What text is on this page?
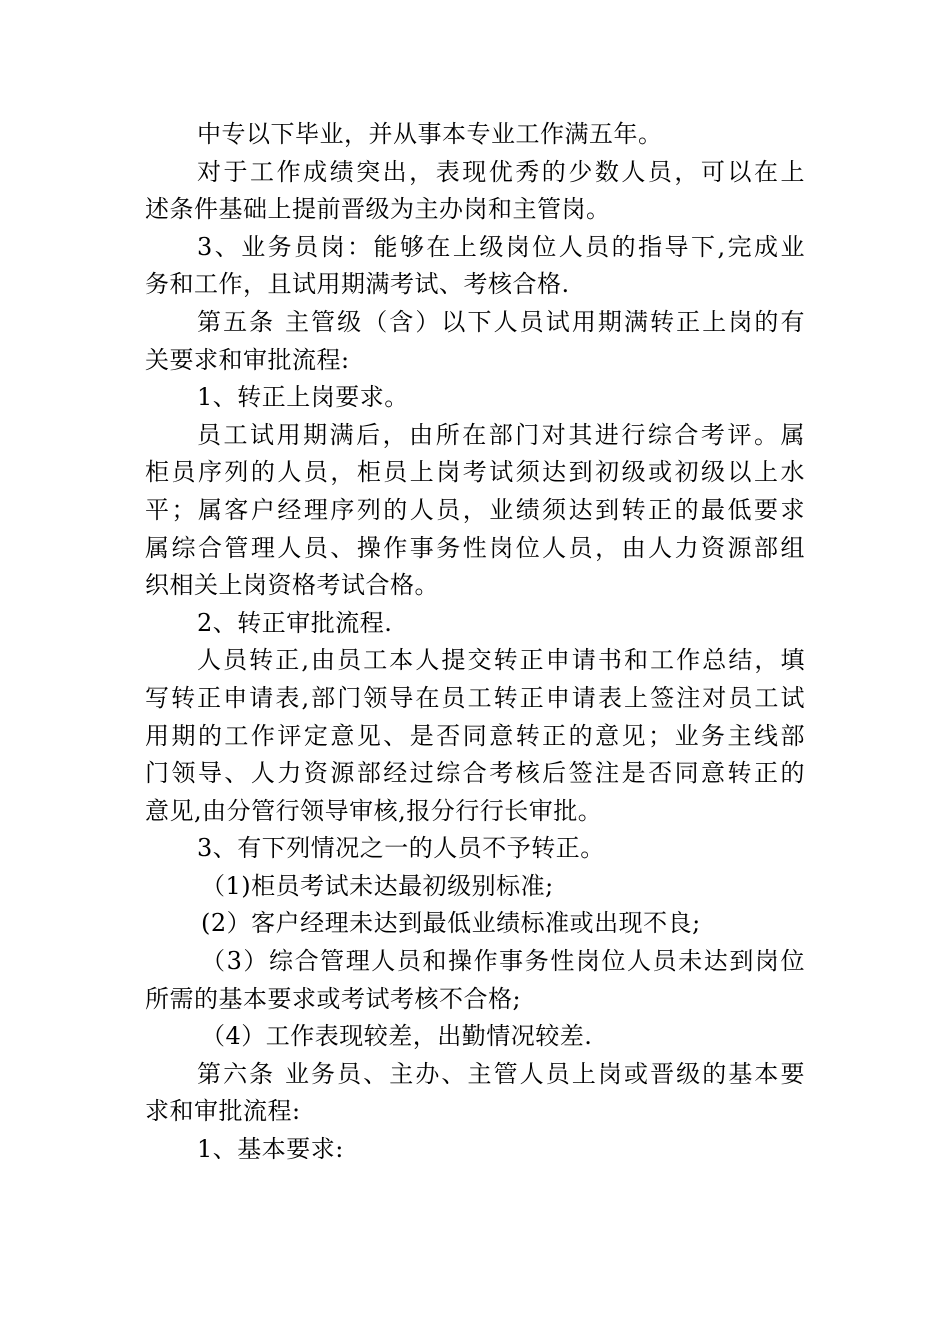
中专以下毕业，并从事本专业工作满五年。
对于工作成绩突出，表现优秀的少数人员，可以在上
述条件基础上提前晋级为主办岗和主管岗。
3、业务员岗：能够在上级岗位人员的指导下,完成业
务和工作，且试用期满考试、考核合格.
第五条 主管级（含）以下人员试用期满转正上岗的有
关要求和审批流程:
1、转正上岗要求。
员工试用期满后，由所在部门对其进行综合考评。属
柜员序列的人员，柜员上岗考试须达到初级或初级以上水
平；属客户经理序列的人员，业绩须达到转正的最低要求
属综合管理人员、操作事务性岗位人员，由人力资源部组
织相关上岗资格考试合格。
2、转正审批流程.
人员转正,由员工本人提交转正申请书和工作总结，填
写转正申请表,部门领导在员工转正申请表上签注对员工试
用期的工作评定意见、是否同意转正的意见；业务主线部
门领导、人力资源部经过综合考核后签注是否同意转正的
意见,由分管行领导审核,报分行行长审批。
3、有下列情况之一的人员不予转正。
（1)柜员考试未达最初级别标准;
(2）客户经理未达到最低业绩标准或出现不良;
（3）综合管理人员和操作事务性岗位人员未达到岗位
所需的基本要求或考试考核不合格;
（4）工作表现较差，出勤情况较差.
第六条 业务员、主办、主管人员上岗或晋级的基本要
求和审批流程:
1、基本要求:
